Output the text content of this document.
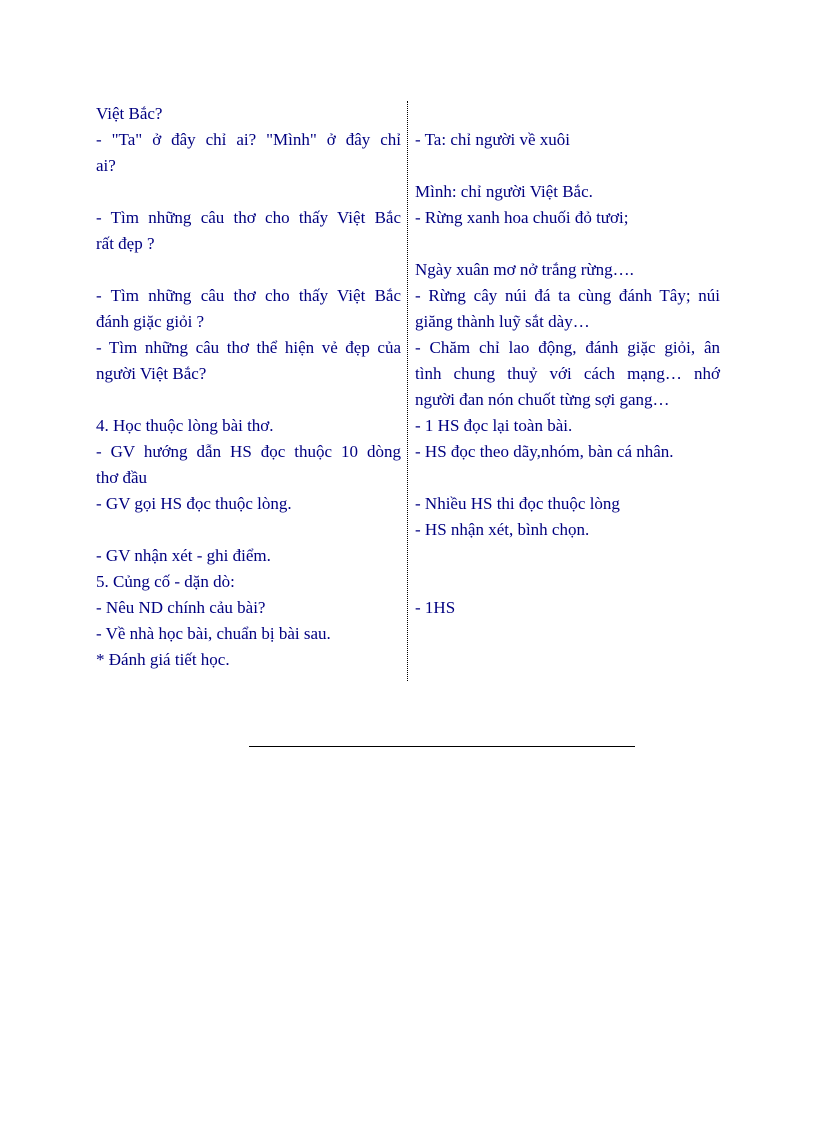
Việt Bắc?
- "Ta" ở đây chỉ ai? "Mình" ở đây chỉ
ai?
- Tìm những câu thơ cho thấy Việt Bắc
rất đẹp ?
- Tìm những câu thơ cho thấy Việt Bắc
đánh giặc giỏi ?
- Tìm những câu thơ thể hiện vẻ đẹp của
người Việt Bắc?
4. Học thuộc lòng bài thơ.
- GV hướng dẫn HS đọc thuộc 10 dòng
thơ đầu
- GV gọi HS đọc thuộc lòng.
- GV nhận xét - ghi điểm.
5. Củng cố - dặn dò:
- Nêu ND chính cảu bài?
- Về nhà học bài, chuẩn bị bài sau.
* Đánh giá tiết học.
- Ta: chỉ người về xuôi
Mình: chỉ người Việt Bắc.
- Rừng xanh hoa chuối đỏ tươi;
Ngày xuân mơ nở trắng rừng….
- Rừng cây núi đá ta cùng đánh Tây; núi
giăng thành luỹ sắt dày…
- Chăm chỉ lao động, đánh giặc giỏi, ân
tình chung thuỷ với cách mạng… nhớ
người đan nón chuốt từng sợi gang…
- 1 HS đọc lại toàn bài.
- HS đọc theo dãy,nhóm, bàn cá nhân.
- Nhiều HS thi đọc thuộc lòng
- HS nhận xét, bình chọn.
- 1HS
